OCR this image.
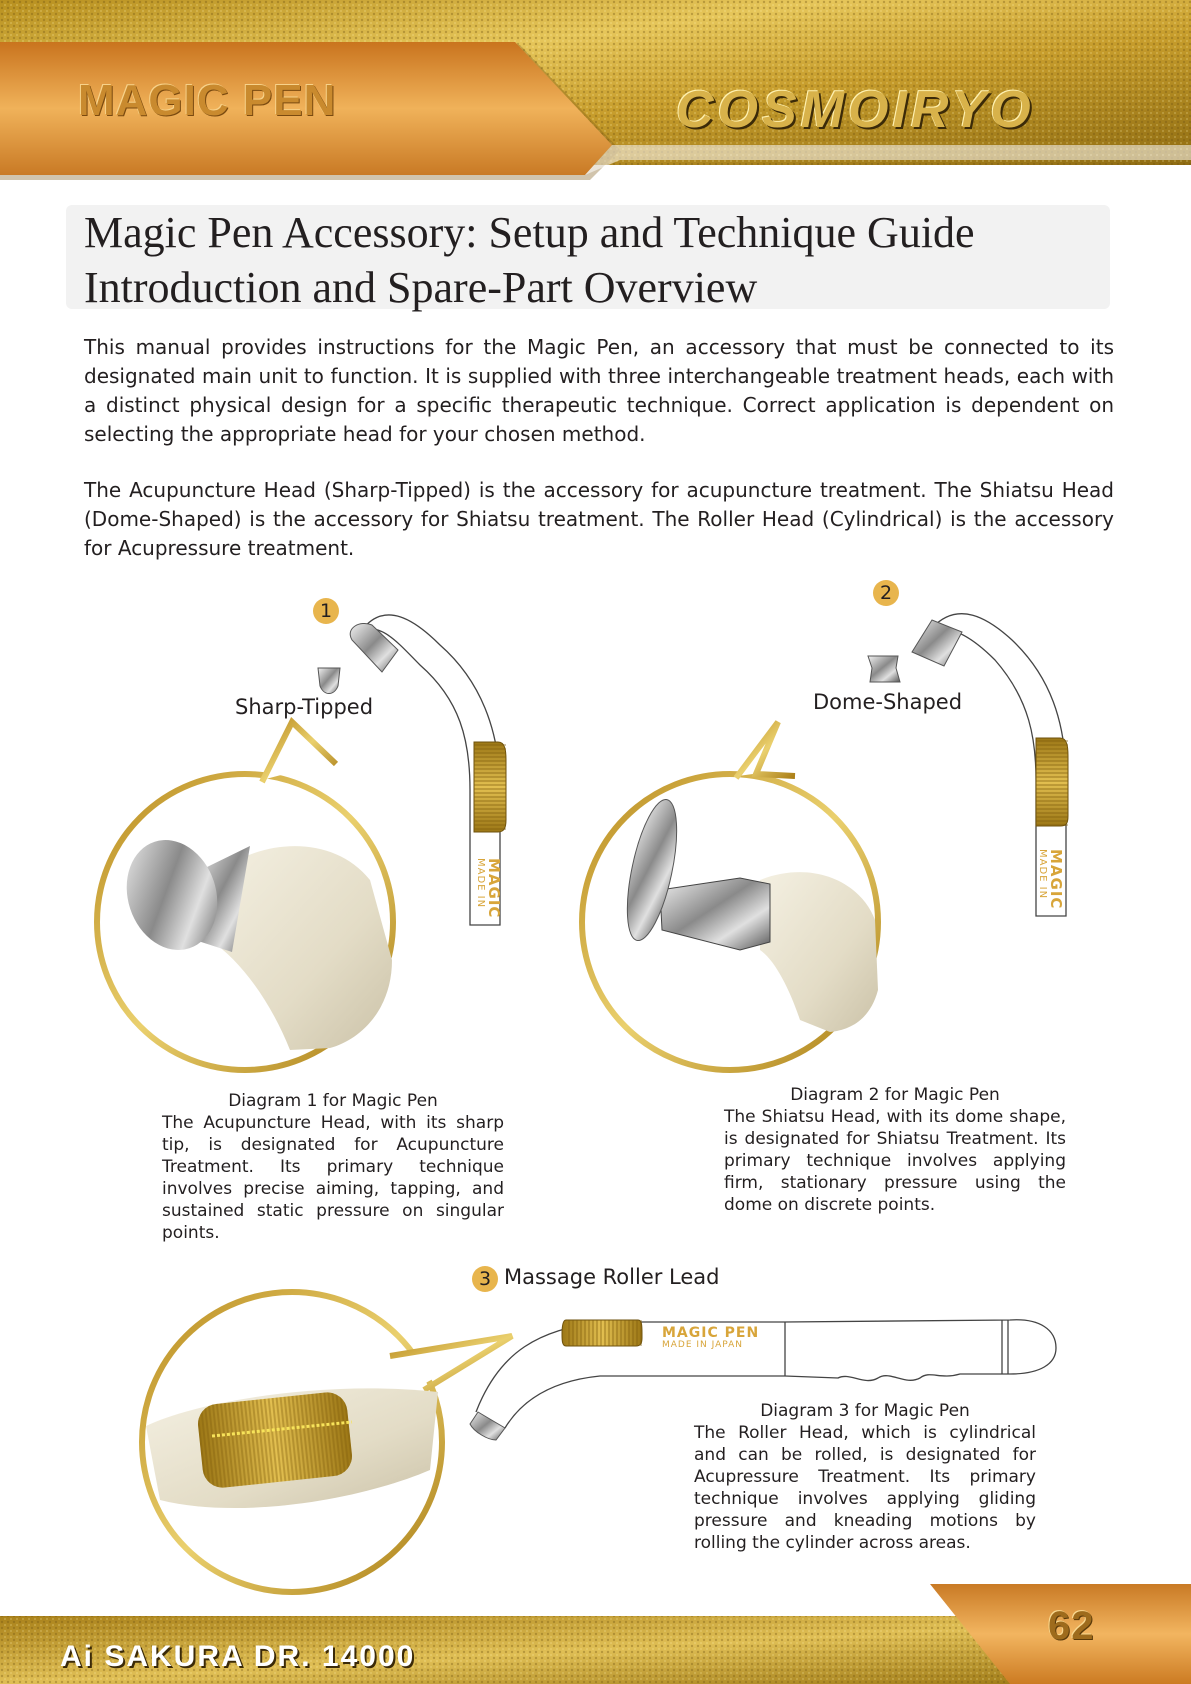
MAGIC PEN	COSMOIRYO
Magic Pen Accessory: Setup and Technique Guide
Introduction and Spare-Part Overview

This manual provides instructions for the Magic Pen, an accessory that must be connected to its designated main unit to function. It is supplied with three interchangeable treatment heads, each with a distinct physical design for a specific therapeutic technique. Correct application is dependent on selecting the appropriate head for your chosen method.

The Acupuncture Head (Sharp-Tipped) is the accessory for acupuncture treatment. The Shiatsu Head (Dome-Shaped) is the accessory for Shiatsu treatment. The Roller Head (Cylindrical) is the accessory for Acupressure treatment.

1
Sharp-Tipped
MAGIC
MADE IN
Diagram 1 for Magic Pen
The Acupuncture Head, with its sharp tip, is designated for Acupuncture Treatment. Its primary technique involves precise aiming, tapping, and sustained static pressure on singular points.
2
Dome-Shaped
MAGIC
MADE IN
Diagram 2 for Magic Pen
The Shiatsu Head, with its dome shape, is designated for Shiatsu Treatment. Its primary technique involves applying firm, stationary pressure using the dome on discrete points.
3 Massage Roller Lead
MAGIC PEN
MADE IN JAPAN
Diagram 3 for Magic Pen
The Roller Head, which is cylindrical and can be rolled, is designated for Acupressure Treatment. Its primary technique involves applying gliding pressure and kneading motions by rolling the cylinder across areas.
Ai SAKURA DR. 14000
62
